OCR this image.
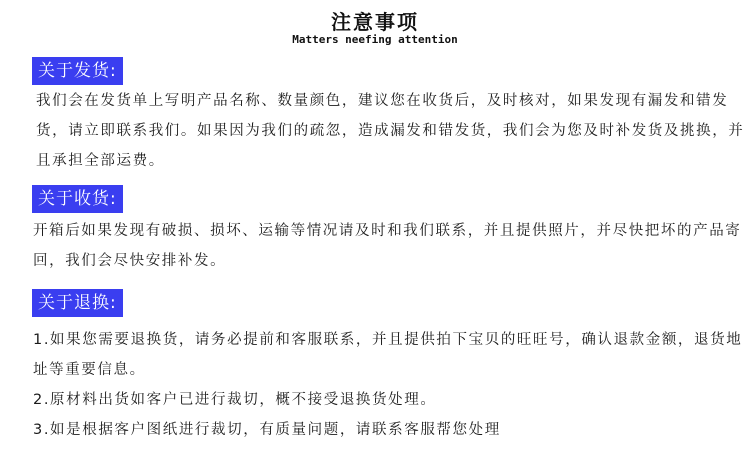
注意事项
Matters neefing attention
关于发货:
我们会在发货单上写明产品名称、数量颜色，建议您在收货后，及时核对，如果发现有漏发和错发货，请立即联系我们。如果因为我们的疏忽，造成漏发和错发货，我们会为您及时补发货及挑换，并且承担全部运费。
关于收货:
开箱后如果发现有破损、损坏、运输等情况请及时和我们联系，并且提供照片，并尽快把坏的产品寄回，我们会尽快安排补发。
关于退换:
1.如果您需要退换货，请务必提前和客服联系，并且提供拍下宝贝的旺旺号，确认退款金额，退货地址等重要信息。
2.原材料出货如客户已进行裁切，概不接受退换货处理。
3.如是根据客户图纸进行裁切，有质量问题，请联系客服帮您处理
